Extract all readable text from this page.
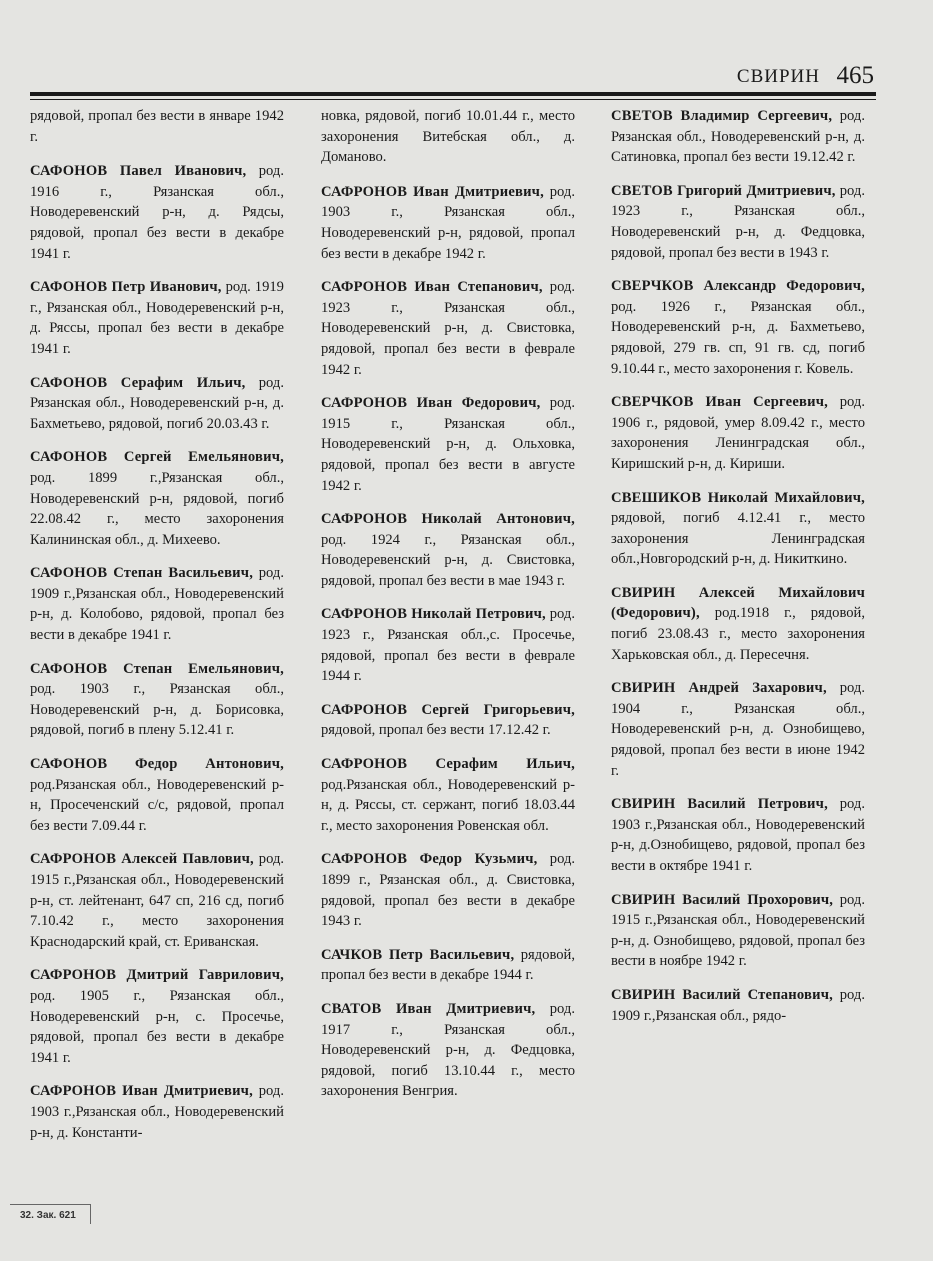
СВИРИН 465

рядовой, пропал без вести в январе 1942 г.

САФОНОВ Павел Иванович, род. 1916 г., Рязанская обл., Новодеревенский р-н, д. Рядсы, рядовой, пропал без вести в декабре 1941 г.

САФОНОВ Петр Иванович, род. 1919 г., Рязанская обл., Новодеревенский р-н, д. Ряссы, пропал без вести в декабре 1941 г.

САФОНОВ Серафим Ильич, род. Рязанская обл., Новодеревенский р-н, д. Бахметьево, рядовой, погиб 20.03.43 г.

САФОНОВ Сергей Емельянович, род. 1899 г.,Рязанская обл., Новодеревенский р-н, рядовой, погиб 22.08.42 г., место захоронения Калининская обл., д. Михеево.

САФОНОВ Степан Васильевич, род. 1909 г.,Рязанская обл., Новодеревенский р-н, д. Колобово, рядовой, пропал без вести в декабре 1941 г.

САФОНОВ Степан Емельянович, род. 1903 г., Рязанская обл., Новодеревенский р-н, д. Борисовка, рядовой, погиб в плену 5.12.41 г.

САФОНОВ Федор Антонович, род.Рязанская обл., Новодеревенский р-н, Просеченский с/с, рядовой, пропал без вести 7.09.44 г.

САФРОНОВ Алексей Павлович, род. 1915 г.,Рязанская обл., Новодеревенский р-н, ст. лейтенант, 647 сп, 216 сд, погиб 7.10.42 г., место захоронения Краснодарский край, ст. Ериванская.

САФРОНОВ Дмитрий Гаврилович, род. 1905 г., Рязанская обл., Новодеревенский р-н, с. Просечье, рядовой, пропал без вести в декабре 1941 г.

САФРОНОВ Иван Дмитриевич, род. 1903 г.,Рязанская обл., Новодеревенский р-н, д. Константи-

новка, рядовой, погиб 10.01.44 г., место захоронения Витебская обл., д. Доманово.

САФРОНОВ Иван Дмитриевич, род. 1903 г., Рязанская обл., Новодеревенский р-н, рядовой, пропал без вести в декабре 1942 г.

САФРОНОВ Иван Степанович, род. 1923 г., Рязанская обл., Новодеревенский р-н, д. Свистовка, рядовой, пропал без вести в феврале 1942 г.

САФРОНОВ Иван Федорович, род. 1915 г., Рязанская обл., Новодеревенский р-н, д. Ольховка, рядовой, пропал без вести в августе 1942 г.

САФРОНОВ Николай Антонович, род. 1924 г., Рязанская обл., Новодеревенский р-н, д. Свистовка, рядовой, пропал без вести в мае 1943 г.

САФРОНОВ Николай Петрович, род. 1923 г., Рязанская обл.,с. Просечье, рядовой, пропал без вести в феврале 1944 г.

САФРОНОВ Сергей Григорьевич, рядовой, пропал без вести 17.12.42 г.

САФРОНОВ Серафим Ильич, род.Рязанская обл., Новодеревенский р-н, д. Ряссы, ст. сержант, погиб 18.03.44 г., место захоронения Ровенская обл.

САФРОНОВ Федор Кузьмич, род. 1899 г., Рязанская обл., д. Свистовка, рядовой, пропал без вести в декабре 1943 г.

САЧКОВ Петр Васильевич, рядовой, пропал без вести в декабре 1944 г.

СВАТОВ Иван Дмитриевич, род. 1917 г., Рязанская обл., Новодеревенский р-н, д. Федцовка, рядовой, погиб 13.10.44 г., место захоронения Венгрия.

СВЕТОВ Владимир Сергеевич, род. Рязанская обл., Новодеревенский р-н, д. Сатиновка, пропал без вести 19.12.42 г.

СВЕТОВ Григорий Дмитриевич, род. 1923 г., Рязанская обл., Новодеревенский р-н, д. Федцовка, рядовой, пропал без вести в 1943 г.

СВЕРЧКОВ Александр Федорович, род. 1926 г., Рязанская обл., Новодеревенский р-н, д. Бахметьево, рядовой, 279 гв. сп, 91 гв. сд, погиб 9.10.44 г., место захоронения г. Ковель.

СВЕРЧКОВ Иван Сергеевич, род. 1906 г., рядовой, умер 8.09.42 г., место захоронения Ленинградская обл., Киришский р-н, д. Кириши.

СВЕШИКОВ Николай Михайлович, рядовой, погиб 4.12.41 г., место захоронения Ленинградская обл.,Новгородский р-н, д. Никиткино.

СВИРИН Алексей Михайлович (Федорович), род.1918 г., рядовой, погиб 23.08.43 г., место захоронения Харьковская обл., д. Пересечня.

СВИРИН Андрей Захарович, род. 1904 г., Рязанская обл., Новодеревенский р-н, д. Ознобищево, рядовой, пропал без вести в июне 1942 г.

СВИРИН Василий Петрович, род. 1903 г.,Рязанская обл., Новодеревенский р-н, д.Ознобищево, рядовой, пропал без вести в октябре 1941 г.

СВИРИН Василий Прохорович, род. 1915 г.,Рязанская обл., Новодеревенский р-н, д. Ознобищево, рядовой, пропал без вести в ноябре 1942 г.

СВИРИН Василий Степанович, род. 1909 г.,Рязанская обл., рядо-

32. Зак. 621
